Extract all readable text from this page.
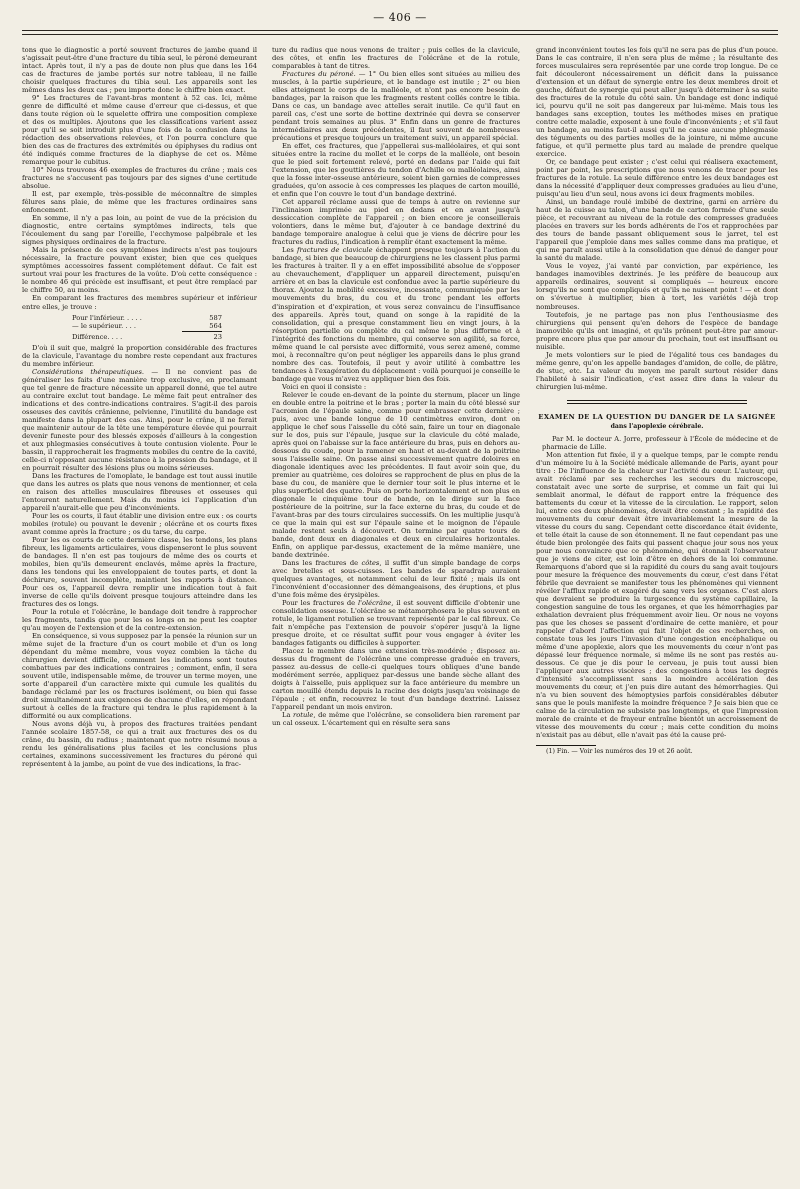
— 406 —

tons que le diagnostic a porté souvent fractures de jambe quand il s'agissait peut-être d'une fracture du tibia seul, le péroné demeurant intact. Après tout, il n'y a pas de doute non plus que dans les 164 cas de fractures de jambe portés sur notre tableau, il ne faille choisir quelques fractures du tibia seul. Les appareils sont les mêmes dans les deux cas ; peu importe donc le chiffre bien exact.

9° Les fractures de l'avant-bras montent à 52 cas. Ici, même genre de difficulté et même cause d'erreur que ci-dessus, et que dans toute région où le squelette offrira une composition complexe et des os multiples. Ajoutons que les classifications varient assez pour qu'il se soit introduit plus d'une fois de la confusion dans la rédaction des observations relevées, et l'on pourra conclure que bien des cas de fractures des extrémités ou épiphyses du radius ont été indiqués comme fractures de la diaphyse de cet os. Même remarque pour le cubitus.

10° Nous trouvons 46 exemples de fractures du crâne ; mais ces fractures ne s'accusent pas toujours par des signes d'une certitude absolue.

Il est, par exemple, très-possible de méconnaître de simples fêlures sans plaie, de même que les fractures ordinaires sans enfoncement.

En somme, il n'y a pas loin, au point de vue de la précision du diagnostic, entre certains symptômes indirects, tels que l'écoulement du sang par l'oreille, l'ecchymose palpébrale et les signes physiques ordinaires de la fracture.

Mais la présence de ces symptômes indirects n'est pas toujours nécessaire, la fracture pouvant exister, bien que ces quelques symptômes accessoires fassent complétement défaut. Ce fait est surtout vrai pour les fractures de la voûte. D'où cette conséquence : le nombre 46 qui précède est insuffisant, et peut être remplacé par le chiffre 50, au moins.

En comparant les fractures des membres supérieur et inférieur entre elles, je trouve :

Pour l'inférieur. . . . .	587
— le supérieur. . . .	564
Différence. . . .	23

D'où il suit que, malgré la proportion considérable des fractures de la clavicule, l'avantage du nombre reste cependant aux fractures du membre inférieur.

Considérations thérapeutiques. — Il ne convient pas de généraliser les faits d'une manière trop exclusive, en proclamant que tel genre de fracture nécessite un appareil donné, que tel autre au contraire exclut tout bandage. Le même fait peut entraîner des indications et des contre-indications contraires. S'agit-il des parois osseuses des cavités crânienne, pelvienne, l'inutilité du bandage est manifeste dans la plupart des cas. Ainsi, pour le crâne, il ne ferait que maintenir autour de la tête une température élevée qui pourrait devenir funeste pour des blessés exposés d'ailleurs à la congestion et aux phlegmasies consécutives à toute contusion violente. Pour le bassin, il rapprocherait les fragments mobiles du centre de la cavité, celle-ci n'opposant aucune résistance à la pression du bandage, et il en pourrait résulter des lésions plus ou moins sérieuses.

Dans les fractures de l'omoplate, le bandage est tout aussi inutile que dans les autres os plats que nous venons de mentionner, et cela en raison des attelles musculaires fibreuses et osseuses qui l'entourent naturellement. Mais du moins ici l'application d'un appareil n'aurait-elle que peu d'inconvénients.

Pour les os courts, il faut établir une division entre eux : os courts mobiles (rotule) ou pouvant le devenir ; olécrâne et os courts fixes avant comme après la fracture ; os du tarse, du carpe.

Pour les os courts de cette dernière classe, les tendons, les plans fibreux, les ligaments articulaires, vous dispenseront le plus souvent de bandages. Il n'en est pas toujours de même des os courts et mobiles, bien qu'ils demeurent enclavés, même après la fracture, dans les tendons qui les enveloppaient de toutes parts, et dont la déchirure, souvent incomplète, maintient les rapports à distance. Pour ces os, l'appareil devra remplir une indication tout à fait inverse de celle qu'ils doivent presque toujours atteindre dans les fractures des os longs.

Pour la rotule et l'olécrâne, le bandage doit tendre à rapprocher les fragments, tandis que pour les os longs on ne peut les coapter qu'au moyen de l'extension et de la contre-extension.

En conséquence, si vous supposez par la pensée la réunion sur un même sujet de la fracture d'un os court mobile et d'un os long dépendant du même membre, vous voyez combien la tâche du chirurgien devient difficile, comment les indications sont toutes combattues par des indications contraires ; comment, enfin, il sera souvent utile, indispensable même, de trouver un terme moyen, une sorte d'appareil d'un caractère mixte qui cumule les qualités du bandage réclamé par les os fractures isolément, ou bien qui fasse droit simultanément aux exigences de chacune d'elles, en répondant surtout à celles de la fracture qui tendra le plus rapidement à la difformité ou aux complications.

Nous avons déjà vu, à propos des fractures traitées pendant l'année scolaire 1857-58, ce qui a trait aux fractures des os du crâne, du bassin, du radius ; maintenant que notre résumé nous a rendu les généralisations plus faciles et les conclusions plus certaines, examinons successivement les fractures du péroné qui représentent à la jambe, au point de vue des indications, la frac-

ture du radius que nous venons de traiter ; puis celles de la clavicule, des côtes, et enfin les fractures de l'olécrâne et de la rotule, comparables à tant de titres.

Fractures du péroné. — 1° Ou bien elles sont situées au milieu des muscles, à la partie supérieure, et le bandage est inutile ; 2° ou bien elles atteignent le corps de la malléole, et n'ont pas encore besoin de bandages, par la raison que les fragments restent collés contre le tibia. Dans ce cas, un bandage avec attelles serait inutile. Ce qu'il faut en pareil cas, c'est une sorte de bottine dextrinée qui devra se conserver pendant trois semaines au plus. 3° Enfin dans un genre de fractures intermédiaires aux deux précédentes, il faut souvent de nombreuses précautions et presque toujours un traitement suivi, un appareil spécial.

En effet, ces fractures, que j'appellerai sus-malléolaires, et qui sont situées entre la racine du mollet et le corps de la malléole, ont besoin que le pied soit fortement relevé, porté en dedans par l'aide qui fait l'extension, que les gouttières du tendon d'Achille ou malléolaires, ainsi que la fosse inter-osseuse antérieure, soient bien garnies de compresses graduées, qu'on associe à ces compresses les plaques de carton mouillé, et enfin que l'on couvre le tout d'un bandage dextriné.

Cet appareil réclame aussi que de temps à autre on revienne sur l'inclinaison imprimée au pied en dedans et en avant jusqu'à dessiccation complète de l'appareil ; on bien encore je conseillerais volontiers, dans le même but, d'ajouter à ce bandage dextriné du bandage temporaire analogue à celui que je viens de décrire pour les fractures du radius, l'indication à remplir étant exactement la même.

Les fractures de clavicule échappent presque toujours à l'action du bandage, si bien que beaucoup de chirurgiens ne les classent plus parmi les fractures à traiter. Il y a en effet impossibilité absolue de s'opposer au chevauchement, d'appliquer un appareil directement, puisqu'en arrière et en bas la clavicule est confondue avec la partie supérieure du thorax. Ajoutez la mobilité excessive, incessante, communiquée par les mouvements du bras, du cou et du tronc pendant les efforts d'inspiration et d'expiration, et vous serez convaincu de l'insuffisance des appareils. Après tout, quand on songe à la rapidité de la consolidation, qui a presque constamment lieu en vingt jours, à la résorption partielle ou complète du cal même le plus difforme et à l'intégrité des fonctions du membre, qui conserve son agilité, sa force, même quand le cal persiste avec difformité, vous serez amené, comme moi, à reconnaître qu'on peut négliger les appareils dans le plus grand nombre des cas. Toutefois, il peut y avoir utilité à combattre les tendances à l'exagération du déplacement : voilà pourquoi je conseille le bandage que vous m'avez vu appliquer bien des fois.

Voici en quoi il consiste :

Relever le coude en-devant de la pointe du sternum, placer un linge en double entre la poitrine et le bras ; porter la main du côté blessé sur l'acromion de l'épaule saine, comme pour embrasser cette dernière ; puis, avec une bande longue de 10 centimètres environ, dont on applique le chef sous l'aisselle du côté sain, faire un tour en diagonale sur le dos, puis sur l'épaule, jusque sur la clavicule du côté malade, après quoi on l'abaisse sur la face antérieure du bras, puis en dehors au-dessous du coude, pour la ramener en haut et au-devant de la poitrine sous l'aisselle saine. On passe ainsi successivement quatre doloires en diagonale identiques avec les précédentes. Il faut avoir soin que, du premier au quatrième, ces doloires se rapprochent de plus en plus de la base du cou, de manière que le dernier tour soit le plus interne et le plus superficiel des quatre. Puis on porte horizontalement et non plus en diagonale le cinquième tour de bande, on le dirige sur la face postérieure de la poitrine, sur la face externe du bras, du coude et de l'avant-bras par des tours circulaires successifs. On les multiplie jusqu'à ce que la main qui est sur l'épaule saine et le moignon de l'épaule malade restent seuls à découvert. On termine par quatre tours de bande, dont deux en diagonales et deux en circulaires horizontales. Enfin, on applique par-dessus, exactement de la même manière, une bande dextrinée.

Dans les fractures de côtes, il suffit d'un simple bandage de corps avec bretelles et sous-cuisses. Les bandes de sparadrap auraient quelques avantages, et notamment celui de leur fixité ; mais ils ont l'inconvénient d'occasionner des démangeaisons, des éruptions, et plus d'une fois même des érysipèles.

Pour les fractures de l'olécrâne, il est souvent difficile d'obtenir une consolidation osseuse. L'olécrâne se métamorphosera le plus souvent en rotule, le ligament rotulien se trouvant représenté par le cal fibreux. Ce fait n'empêche pas l'extension de pouvoir s'opérer jusqu'à la ligne presque droite, et ce résultat suffit pour vous engager à éviter les bandages fatigants ou difficiles à supporter.

Placez le membre dans une extension très-modérée ; disposez au-dessus du fragment de l'olécrâne une compresse graduée en travers, passez au-dessus de celle-ci quelques tours obliques d'une bande modérément serrée, appliquez par-dessus une bande sèche allant des doigts à l'aisselle, puis appliquez sur la face antérieure du membre un carton mouillé étendu depuis la racine des doigts jusqu'au voisinage de l'épaule ; et enfin, recouvrez le tout d'un bandage dextriné. Laissez l'appareil pendant un mois environ.

La rotule, de même que l'olécrâne, se consolidera bien rarement par un cal osseux. L'écartement qui en résulte sera sans

grand inconvénient toutes les fois qu'il ne sera pas de plus d'un pouce. Dans le cas contraire, il n'en sera plus de même ; la résultante des forces musculaires sera représentée par une corde trop longue. De ce fait découleront nécessairement un déficit dans la puissance d'extension et un défaut de synergie entre les deux membres droit et gauche, défaut de synergie qui peut aller jusqu'à déterminer à sa suite des fractures de la rotule du côté sain. Un bandage est donc indiqué ici, pourvu qu'il ne soit pas dangereux par lui-même. Mais tous les bandages sans exception, toutes les méthodes mises en pratique contre cette maladie, exposent à une foule d'inconvénients ; et s'il faut un bandage, au moins faut-il aussi qu'il ne cause aucune phlegmasie des téguments ou des parties molles de la jointure, ni même aucune fatigue, et qu'il permette plus tard au malade de prendre quelque exercice.

Or, ce bandage peut exister ; c'est celui qui réalisera exactement, point par point, les prescriptions que nous venons de tracer pour les fractures de la rotule. La seule différence entre les deux bandages est dans la nécessité d'appliquer deux compresses graduées au lieu d'une, puisqu'au lieu d'un seul, nous avons ici deux fragments mobiles.

Ainsi, un bandage roulé imbibé de dextrine, garni en arrière du haut de la cuisse au talon, d'une bande de carton formée d'une seule pièce, et recouvrant au niveau de la rotule des compresses graduées placées en travers sur les bords adhérents de l'os et rapprochées par des tours de bande passant obliquement sous le jarret, tel est l'appareil que j'emploie dans mes salles comme dans ma pratique, et qui me paraît aussi utile à la consolidation que dénué de danger pour la santé du malade.

Vous le voyez, j'ai vanté par conviction, par expérience, les bandages inamovibles dextrinés. Je les préfère de beaucoup aux appareils ordinaires, souvent si compliqués — heureux encore lorsqu'ils ne sont que compliqués et qu'ils ne nuisent point ! — et dont on s'évertue à multiplier, bien à tort, les variétés déjà trop nombreuses.

Toutefois, je ne partage pas non plus l'enthousiasme des chirurgiens qui pensent qu'en dehors de l'espèce de bandage inamovible qu'ils ont imaginé, et qu'ils prônent peut-être par amour-propre encore plus que par amour du prochain, tout est insuffisant ou nuisible.

Je mets volontiers sur le pied de l'égalité tous ces bandages du même genre, qu'on les appelle bandages d'amidon, de colle, de plâtre, de stuc, etc. La valeur du moyen me paraît surtout résider dans l'habileté à saisir l'indication, c'est assez dire dans la valeur du chirurgien lui-même.

EXAMEN DE LA QUESTION DU DANGER DE LA SAIGNÉE
dans l'apoplexie cérébrale.

Par M. le docteur A. Jorre, professeur à l'École de médecine et de pharmacie de Lille.

Mon attention fut fixée, il y a quelque temps, par le compte rendu d'un mémoire lu à la Société médicale allemande de Paris, ayant pour titre : De l'influence de la chaleur sur l'activité du cœur. L'auteur, qui avait réclamé par ses recherches les secours du microscope, constatait avec une sorte de surprise, et comme un fait qui lui semblait anormal, le défaut de rapport entre la fréquence des battements du cœur et la vitesse de la circulation. Le rapport, selon lui, entre ces deux phénomènes, devait être constant ; la rapidité des mouvements du cœur devait être invariablement la mesure de la vitesse du cours du sang. Cependant cette discordance était évidente, et telle était la cause de son étonnement. Il ne faut cependant pas une étude bien prolongée des faits qui passent chaque jour sous nos yeux pour nous convaincre que ce phénomène, qui étonnait l'observateur que je viens de citer, est loin d'être en dehors de la loi commune. Remarquons d'abord que si la rapidité du cours du sang avait toujours pour mesure la fréquence des mouvements du cœur, c'est dans l'état fébrile que devraient se manifester tous les phénomènes qui viennent révéler l'afflux rapide et exagéré du sang vers les organes. C'est alors que devraient se produire la turgescence du système capillaire, la congestion sanguine de tous les organes, et que les hémorrhagies par exhalation devraient plus fréquemment avoir lieu. Or nous ne voyons pas que les choses se passent d'ordinaire de cette manière, et pour rappeler d'abord l'affection qui fait l'objet de ces recherches, on constate tous les jours l'invasion d'une congestion encéphalique ou même d'une apoplexie, alors que les mouvements du cœur n'ont pas dépassé leur fréquence normale, si même ils ne sont pas restés au-dessous. Ce que je dis pour le cerveau, je puis tout aussi bien l'appliquer aux autres viscères ; des congestions à tous les degrés d'intensité s'accomplissent sans la moindre accélération des mouvements du cœur, et j'en puis dire autant des hémorrhagies. Qui n'a vu bien souvent des hémoptysies parfois considérables débuter sans que le pouls manifeste la moindre fréquence ? Je sais bien que ce calme de la circulation ne subsiste pas longtemps, et que l'impression morale de crainte et de frayeur entraîne bientôt un accroissement de vitesse des mouvements du cœur ; mais cette condition du moins n'existait pas au début, elle n'avait pas été la cause pré-

(1) Fin. — Voir les numéros des 19 et 26 août.
